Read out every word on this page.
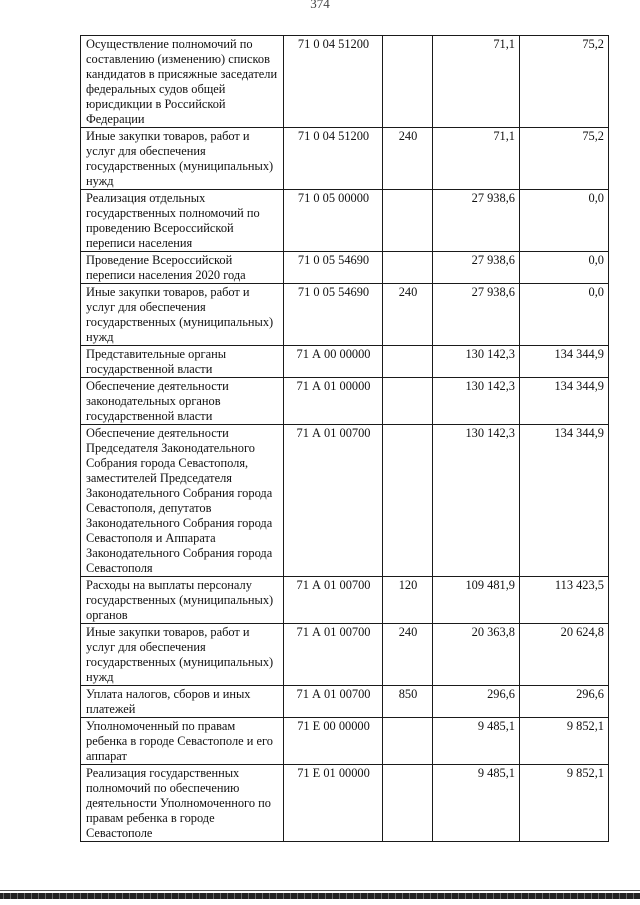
374
Осуществление полномочий по составлению (изменению) списков кандидатов в присяжные заседатели федеральных судов общей юрисдикции в Российской Федерации	71 0 04 51200		71,1	75,2
Иные закупки товаров, работ и услуг для обеспечения государственных (муниципальных) нужд	71 0 04 51200	240	71,1	75,2
Реализация отдельных государственных полномочий по проведению Всероссийской переписи населения	71 0 05 00000		27 938,6	0,0
Проведение Всероссийской переписи населения 2020 года	71 0 05 54690		27 938,6	0,0
Иные закупки товаров, работ и услуг для обеспечения государственных (муниципальных) нужд	71 0 05 54690	240	27 938,6	0,0
Представительные органы государственной власти	71 А 00 00000		130 142,3	134 344,9
Обеспечение деятельности законодательных органов государственной власти	71 А 01 00000		130 142,3	134 344,9
Обеспечение деятельности Председателя Законодательного Собрания города Севастополя, заместителей Председателя Законодательного Собрания города Севастополя, депутатов Законодательного Собрания города Севастополя и Аппарата Законодательного Собрания города Севастополя	71 А 01 00700		130 142,3	134 344,9
Расходы на выплаты персоналу государственных (муниципальных) органов	71 А 01 00700	120	109 481,9	113 423,5
Иные закупки товаров, работ и услуг для обеспечения государственных (муниципальных) нужд	71 А 01 00700	240	20 363,8	20 624,8
Уплата налогов, сборов и иных платежей	71 А 01 00700	850	296,6	296,6
Уполномоченный по правам ребенка в городе Севастополе и его аппарат	71 Е 00 00000		9 485,1	9 852,1
Реализация государственных полномочий по обеспечению деятельности Уполномоченного по правам ребенка в городе Севастополе	71 Е 01 00000		9 485,1	9 852,1
